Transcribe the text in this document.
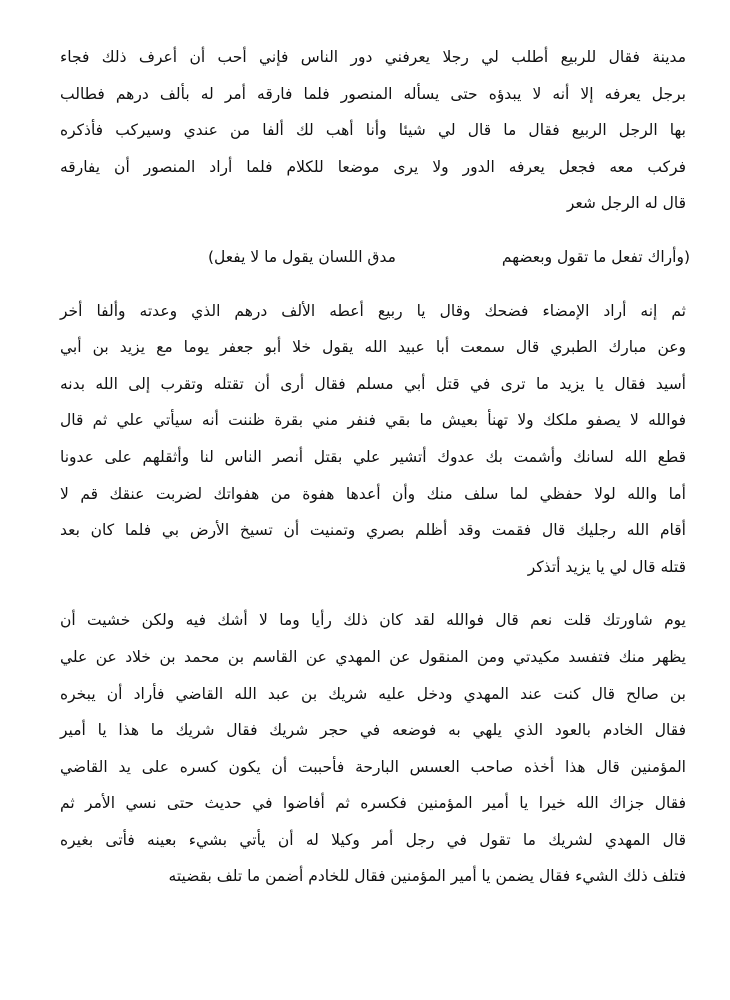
مدينة فقال للربيع أطلب لي رجلا يعرفني دور الناس فإني أحب أن أعرف ذلك فجاء

برجل يعرفه إلا أنه لا يبدؤه حتى يسأله المنصور فلما فارقه أمر له بألف درهم فطالب

بها الرجل الربيع فقال ما قال لي شيئا وأنا أهب لك ألفا من عندي وسيركب فأذكره

فركب معه فجعل يعرفه الدور ولا يرى موضعا للكلام فلما أراد المنصور أن يفارقه

قال له الرجل شعر

(وأراك تفعل ما تقول وبعضهم
مدق اللسان يقول ما لا يفعل)

ثم إنه أراد الإمضاء فضحك وقال يا ربيع أعطه الألف درهم الذي وعدته وألفا أخر

وعن مبارك الطبري قال سمعت أبا عبيد الله يقول خلا أبو جعفر يوما مع يزيد بن أبي

أسيد فقال يا يزيد ما ترى في قتل أبي مسلم فقال أرى أن تقتله وتقرب إلى الله بدنه

فوالله لا يصفو ملكك ولا تهنأ بعيش ما بقي فنفر مني بقرة ظننت أنه سيأتي علي ثم قال

قطع الله لسانك وأشمت بك عدوك أتشير علي بقتل أنصر الناس لنا وأثقلهم على عدونا

أما والله لولا حفظي لما سلف منك وأن أعدها هفوة من هفواتك لضربت عنقك قم لا

أقام الله رجليك قال فقمت وقد أظلم بصري وتمنيت أن تسيخ الأرض بي فلما كان بعد

قتله قال لي يا يزيد أتذكر

يوم شاورتك قلت نعم قال فوالله لقد كان ذلك رأيا وما لا أشك فيه ولكن خشيت أن

يظهر منك فتفسد مكيدتي ومن المنقول عن المهدي عن القاسم بن محمد بن خلاد عن علي

بن صالح قال كنت عند المهدي ودخل عليه شريك بن عبد الله القاضي فأراد أن يبخره

فقال الخادم بالعود الذي يلهي به فوضعه في حجر شريك فقال شريك ما هذا يا أمير

المؤمنين قال هذا أخذه صاحب العسس البارحة فأحببت أن يكون كسره على يد القاضي

فقال جزاك الله خيرا يا أمير المؤمنين فكسره ثم أفاضوا في حديث حتى نسي الأمر ثم

قال المهدي لشريك ما تقول في رجل أمر وكيلا له أن يأتي بشيء بعينه فأتى بغيره

فتلف ذلك الشيء فقال يضمن يا أمير المؤمنين فقال للخادم أضمن ما تلف بقضيته
